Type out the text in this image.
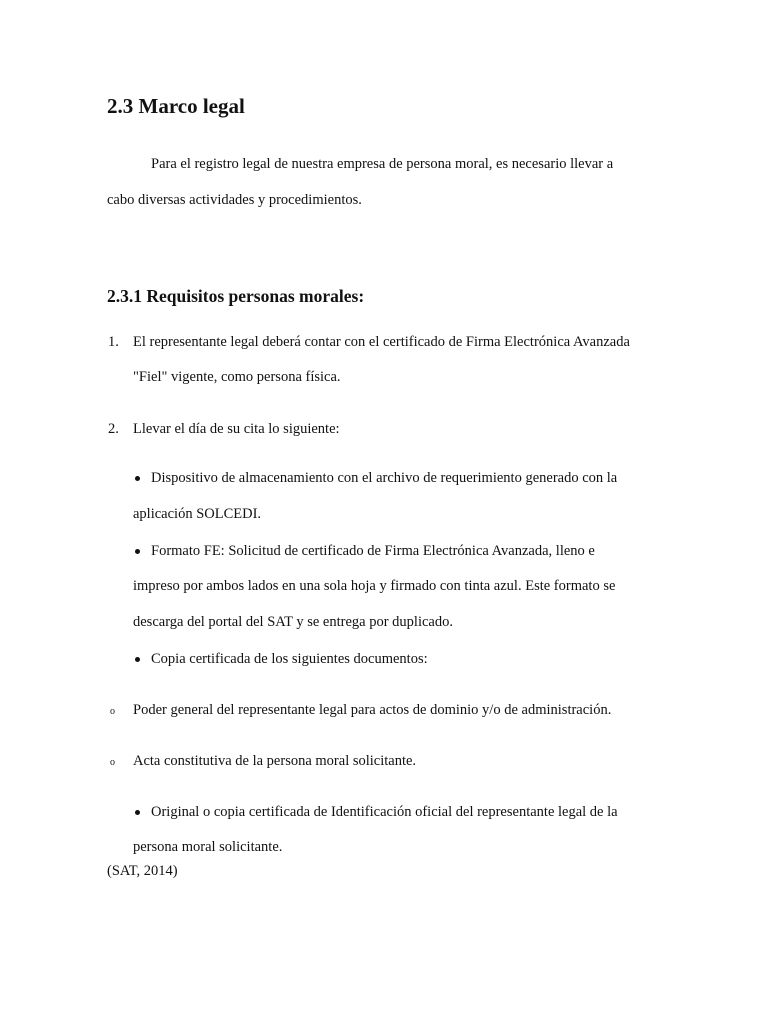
2.3 Marco legal
Para el registro legal de nuestra empresa de persona moral, es necesario llevar a
cabo diversas actividades y procedimientos.
2.3.1 Requisitos personas morales:
1. El representante legal deberá contar con el certificado de Firma Electrónica Avanzada
"Fiel" vigente, como persona física.
2. Llevar el día de su cita lo siguiente:
Dispositivo de almacenamiento con el archivo de requerimiento generado con la
aplicación SOLCEDI.
Formato FE: Solicitud de certificado de Firma Electrónica Avanzada, lleno e
impreso por ambos lados en una sola hoja y firmado con tinta azul. Este formato se
descarga del portal del SAT y se entrega por duplicado.
Copia certificada de los siguientes documentos:
o Poder general del representante legal para actos de dominio y/o de administración.
o Acta constitutiva de la persona moral solicitante.
Original o copia certificada de Identificación oficial del representante legal de la
persona moral solicitante.
(SAT, 2014)
